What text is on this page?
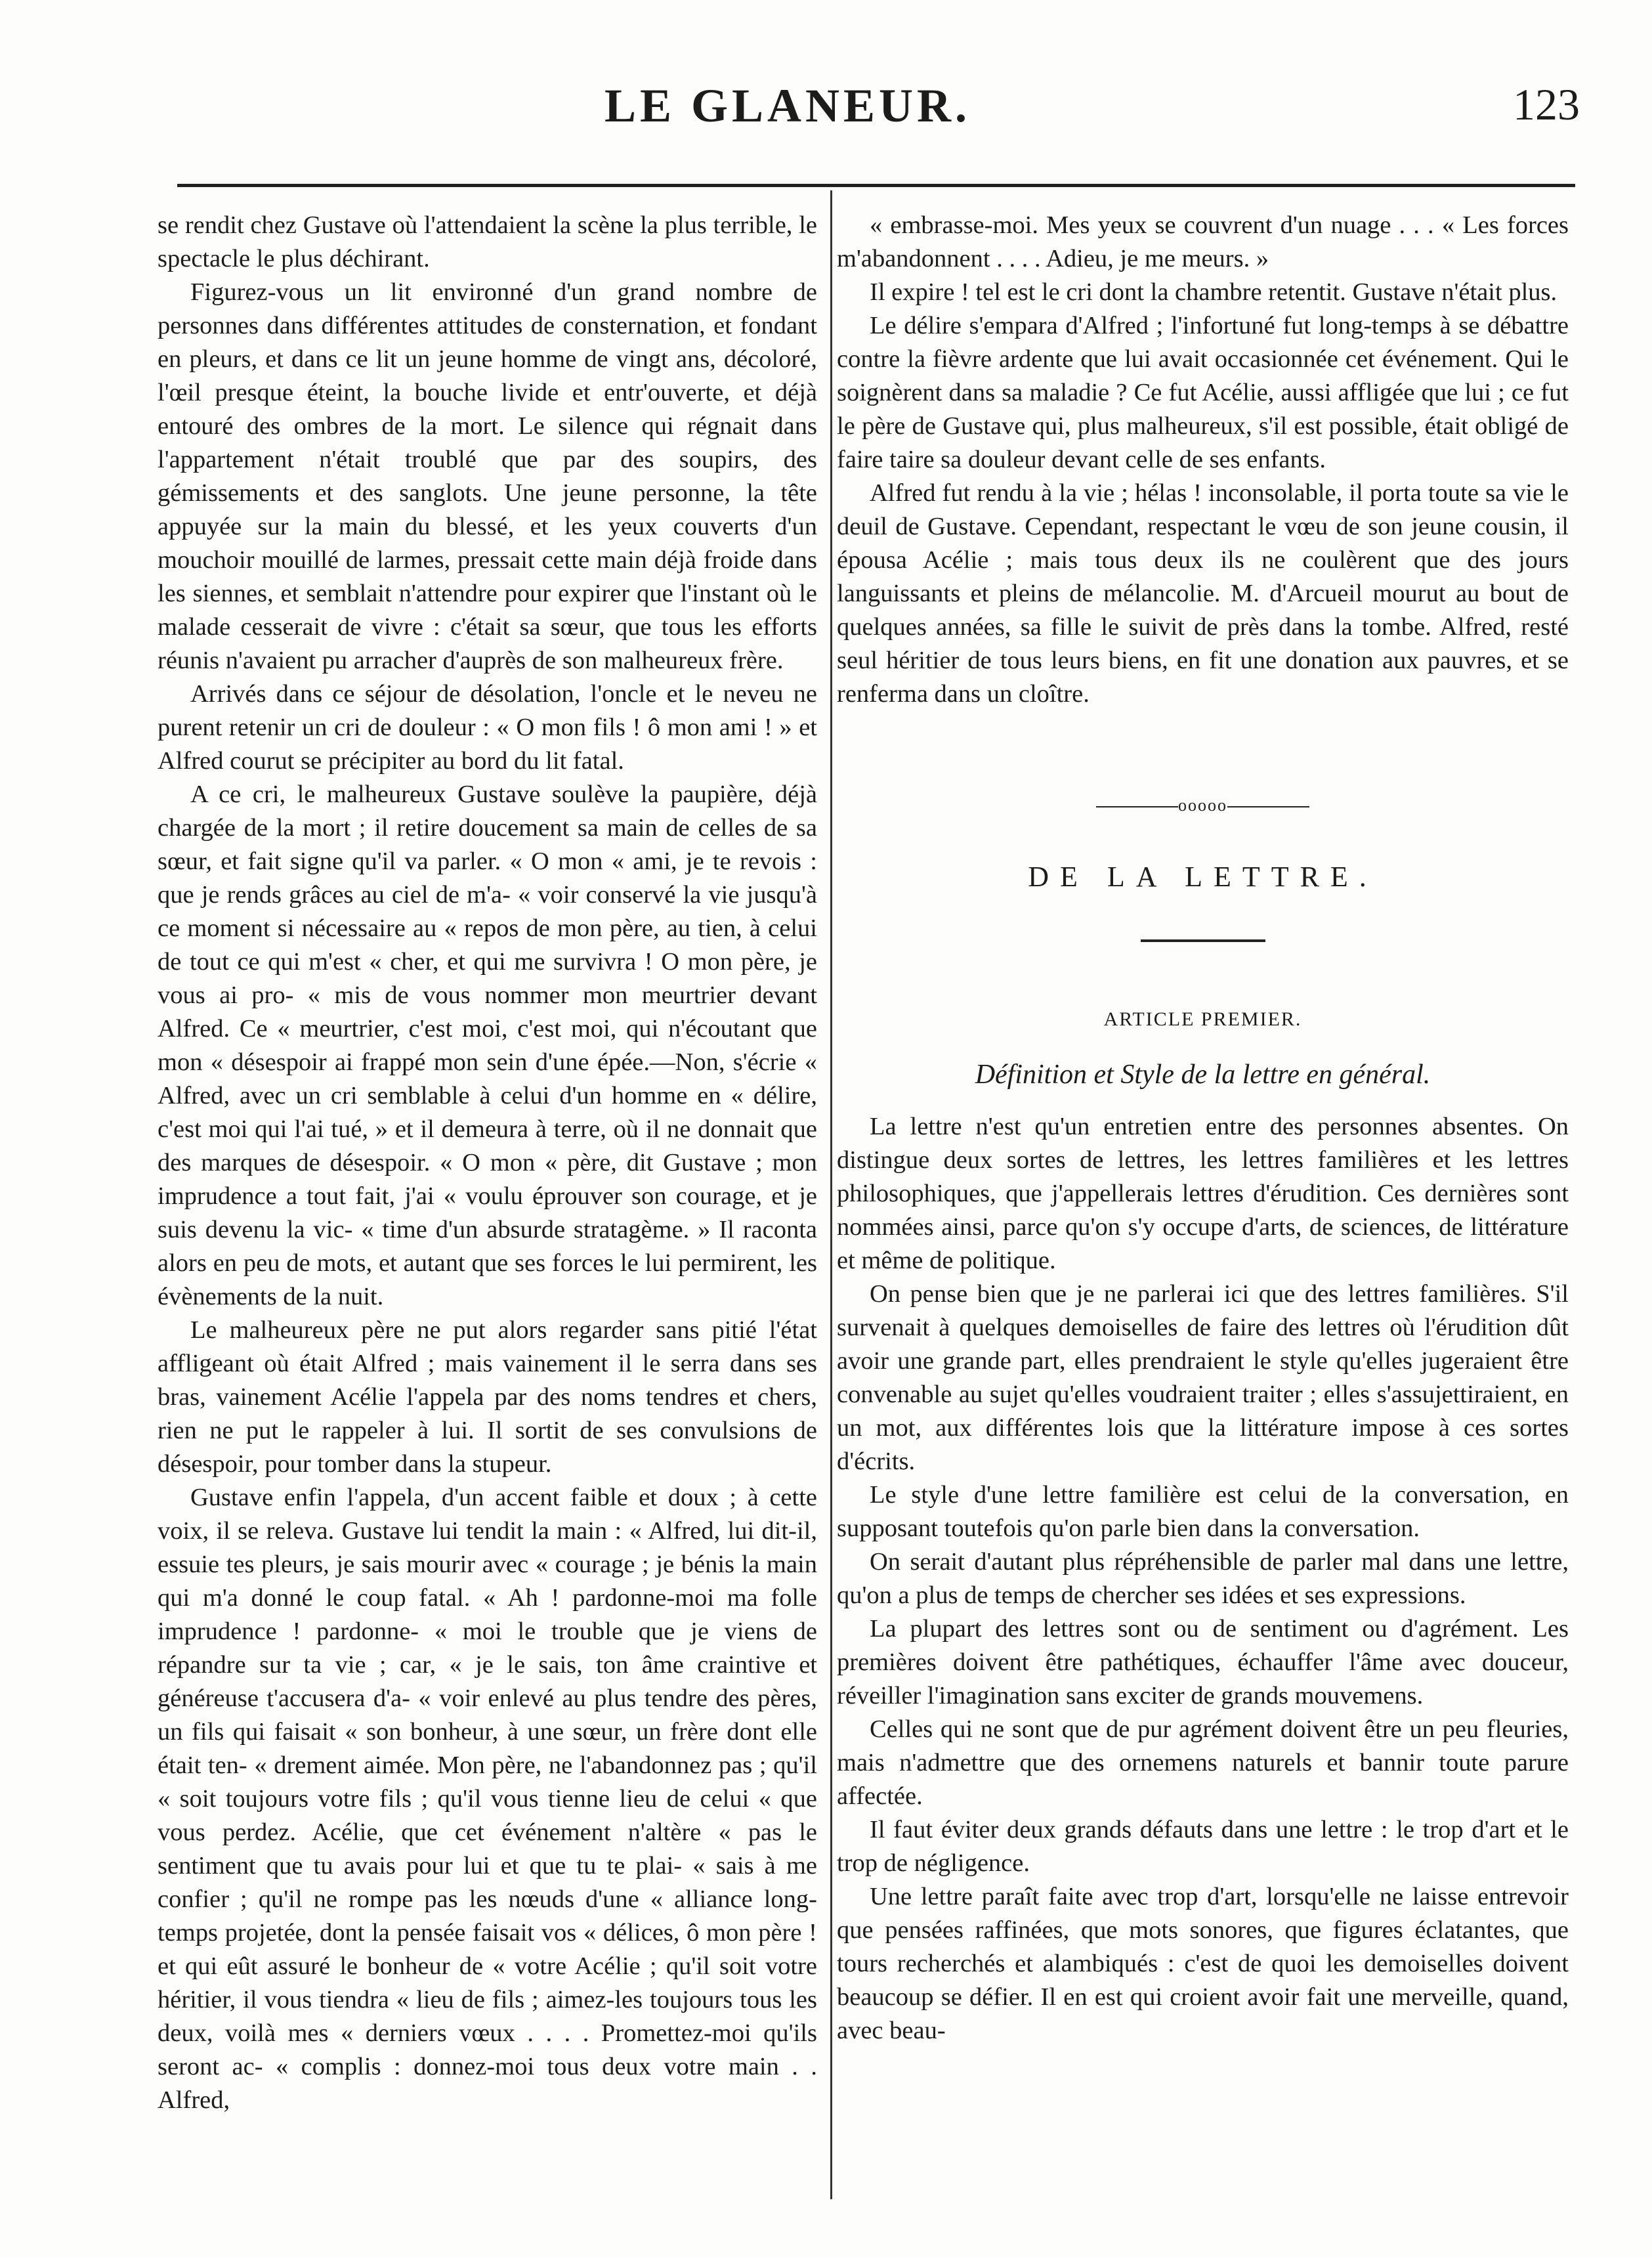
LE GLANEUR.	123

se rendit chez Gustave où l'attendaient la scène la plus terrible, le spectacle le plus déchirant.

Figurez-vous un lit environné d'un grand nombre de personnes dans différentes attitudes de consternation, et fondant en pleurs, et dans ce lit un jeune homme de vingt ans, décoloré, l'œil presque éteint, la bouche livide et entr'ouverte, et déjà entouré des ombres de la mort. Le silence qui régnait dans l'appartement n'était troublé que par des soupirs, des gémissements et des sanglots. Une jeune personne, la tête appuyée sur la main du blessé, et les yeux couverts d'un mouchoir mouillé de larmes, pressait cette main déjà froide dans les siennes, et semblait n'attendre pour expirer que l'instant où le malade cesserait de vivre : c'était sa sœur, que tous les efforts réunis n'avaient pu arracher d'auprès de son malheureux frère.

Arrivés dans ce séjour de désolation, l'oncle et le neveu ne purent retenir un cri de douleur : « O mon fils ! ô mon ami ! » et Alfred courut se précipiter au bord du lit fatal.

A ce cri, le malheureux Gustave soulève la paupière, déjà chargée de la mort ; il retire doucement sa main de celles de sa sœur, et fait signe qu'il va parler. « O mon « ami, je te revois : que je rends grâces au ciel de m'a- « voir conservé la vie jusqu'à ce moment si nécessaire au « repos de mon père, au tien, à celui de tout ce qui m'est « cher, et qui me survivra ! O mon père, je vous ai pro- « mis de vous nommer mon meurtrier devant Alfred. Ce « meurtrier, c'est moi, c'est moi, qui n'écoutant que mon « désespoir ai frappé mon sein d'une épée.—Non, s'écrie « Alfred, avec un cri semblable à celui d'un homme en « délire, c'est moi qui l'ai tué, » et il demeura à terre, où il ne donnait que des marques de désespoir. « O mon « père, dit Gustave ; mon imprudence a tout fait, j'ai « voulu éprouver son courage, et je suis devenu la vic- « time d'un absurde stratagème. » Il raconta alors en peu de mots, et autant que ses forces le lui permirent, les évènements de la nuit.

Le malheureux père ne put alors regarder sans pitié l'état affligeant où était Alfred ; mais vainement il le serra dans ses bras, vainement Acélie l'appela par des noms tendres et chers, rien ne put le rappeler à lui. Il sortit de ses convulsions de désespoir, pour tomber dans la stupeur.

Gustave enfin l'appela, d'un accent faible et doux ; à cette voix, il se releva. Gustave lui tendit la main : « Alfred, lui dit-il, essuie tes pleurs, je sais mourir avec « courage ; je bénis la main qui m'a donné le coup fatal. « Ah ! pardonne-moi ma folle imprudence ! pardonne- « moi le trouble que je viens de répandre sur ta vie ; car, « je le sais, ton âme craintive et généreuse t'accusera d'a- « voir enlevé au plus tendre des pères, un fils qui faisait « son bonheur, à une sœur, un frère dont elle était ten- « drement aimée. Mon père, ne l'abandonnez pas ; qu'il « soit toujours votre fils ; qu'il vous tienne lieu de celui « que vous perdez. Acélie, que cet événement n'altère « pas le sentiment que tu avais pour lui et que tu te plai- « sais à me confier ; qu'il ne rompe pas les nœuds d'une « alliance long-temps projetée, dont la pensée faisait vos « délices, ô mon père ! et qui eût assuré le bonheur de « votre Acélie ; qu'il soit votre héritier, il vous tiendra « lieu de fils ; aimez-les toujours tous les deux, voilà mes « derniers vœux . . . . Promettez-moi qu'ils seront ac- « complis : donnez-moi tous deux votre main . . Alfred,

« embrasse-moi. Mes yeux se couvrent d'un nuage . . . « Les forces m'abandonnent . . . . Adieu, je me meurs. »

Il expire ! tel est le cri dont la chambre retentit. Gustave n'était plus.

Le délire s'empara d'Alfred ; l'infortuné fut long-temps à se débattre contre la fièvre ardente que lui avait occasionnée cet événement. Qui le soignèrent dans sa maladie ? Ce fut Acélie, aussi affligée que lui ; ce fut le père de Gustave qui, plus malheureux, s'il est possible, était obligé de faire taire sa douleur devant celle de ses enfants.

Alfred fut rendu à la vie ; hélas ! inconsolable, il porta toute sa vie le deuil de Gustave. Cependant, respectant le vœu de son jeune cousin, il épousa Acélie ; mais tous deux ils ne coulèrent que des jours languissants et pleins de mélancolie. M. d'Arcueil mourut au bout de quelques années, sa fille le suivit de près dans la tombe. Alfred, resté seul héritier de tous leurs biens, en fit une donation aux pauvres, et se renferma dans un cloître.

ooooo
DE LA LETTRE.
ARTICLE PREMIER.
Définition et Style de la lettre en général.

La lettre n'est qu'un entretien entre des personnes absentes. On distingue deux sortes de lettres, les lettres familières et les lettres philosophiques, que j'appellerais lettres d'érudition. Ces dernières sont nommées ainsi, parce qu'on s'y occupe d'arts, de sciences, de littérature et même de politique.

On pense bien que je ne parlerai ici que des lettres familières. S'il survenait à quelques demoiselles de faire des lettres où l'érudition dût avoir une grande part, elles prendraient le style qu'elles jugeraient être convenable au sujet qu'elles voudraient traiter ; elles s'assujettiraient, en un mot, aux différentes lois que la littérature impose à ces sortes d'écrits.

Le style d'une lettre familière est celui de la conversation, en supposant toutefois qu'on parle bien dans la conversation.

On serait d'autant plus répréhensible de parler mal dans une lettre, qu'on a plus de temps de chercher ses idées et ses expressions.

La plupart des lettres sont ou de sentiment ou d'agrément. Les premières doivent être pathétiques, échauffer l'âme avec douceur, réveiller l'imagination sans exciter de grands mouvemens.

Celles qui ne sont que de pur agrément doivent être un peu fleuries, mais n'admettre que des ornemens naturels et bannir toute parure affectée.

Il faut éviter deux grands défauts dans une lettre : le trop d'art et le trop de négligence.

Une lettre paraît faite avec trop d'art, lorsqu'elle ne laisse entrevoir que pensées raffinées, que mots sonores, que figures éclatantes, que tours recherchés et alambiqués : c'est de quoi les demoiselles doivent beaucoup se défier. Il en est qui croient avoir fait une merveille, quand, avec beau-
